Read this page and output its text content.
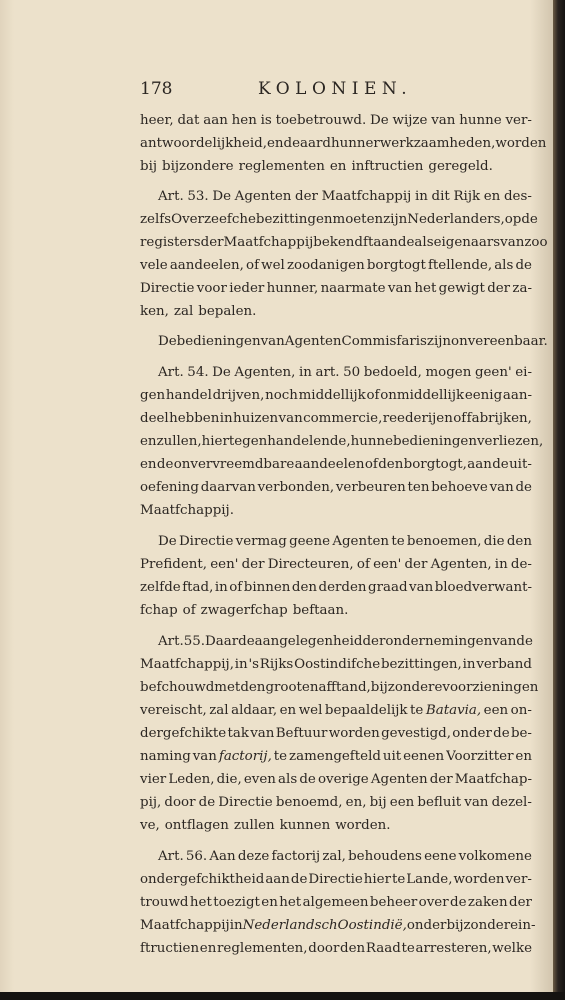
178	KOLONIEN.
heer, dat aan hen is toebetrouwd. De wijze van hunne ver-
antwoordelijkheid, en de aard hunner werkzaamheden, worden
bij bijzondere reglementen en inftructien geregeld.
Art. 53. De Agenten der Maatfchappij in dit Rijk en des-
zelfs Overzeefche bezittingen moeten zijn Nederlanders, op de
registers der Maatfchappij bekend ftaande als eigenaars van zoo
vele aandeelen, of wel zoodanigen borgtogt ftellende, als de
Directie voor ieder hunner, naarmate van het gewigt der za-
ken, zal bepalen.
De bedieningen van Agent en Commisfaris zijn onvereenbaar.
Art. 54. De Agenten, in art. 50 bedoeld, mogen geen' ei-
gen handel drijven, noch middellijk of onmiddellijk eenig aan-
deel hebben in huizen van commercie, reederijen of fabrijken,
en zullen, hiertegen handelende, hunne bedieningen verliezen,
en de onvervreemdbare aandeelen of den borgtogt, aan de uit-
oefening daarvan verbonden, verbeuren ten behoeve van de
Maatfchappij.
De Directie vermag geene Agenten te benoemen, die den
Prefident, een' der Directeuren, of een' der Agenten, in de-
zelfde ftad, in of binnen den derden graad van bloedverwant-
fchap of zwagerfchap beftaan.
Art. 55. Daar de aangelegenheid der ondernemingen van de
Maatfchappij, in 's Rijks Oostindifche bezittingen, in verband
befchouwd met den grooten afftand, bijzondere voorzieningen
vereischt, zal aldaar, en wel bepaaldelijk te Batavia, een on-
dergefchikte tak van Beftuur worden gevestigd, onder de be-
naming van factorij, te zamengefteld uit eenen Voorzitter en
vier Leden, die, even als de overige Agenten der Maatfchap-
pij, door de Directie benoemd, en, bij een befluit van dezel-
ve, ontflagen zullen kunnen worden.
Art. 56. Aan deze factorij zal, behoudens eene volkomene
ondergefchiktheid aan de Directie hier te Lande, worden ver-
trouwd het toezigt en het algemeen beheer over de zaken der
Maatfchappij in Nederlandsch Oostindië, onder bijzondere in-
ftructien en reglementen, door den Raad te arresteren, welke
